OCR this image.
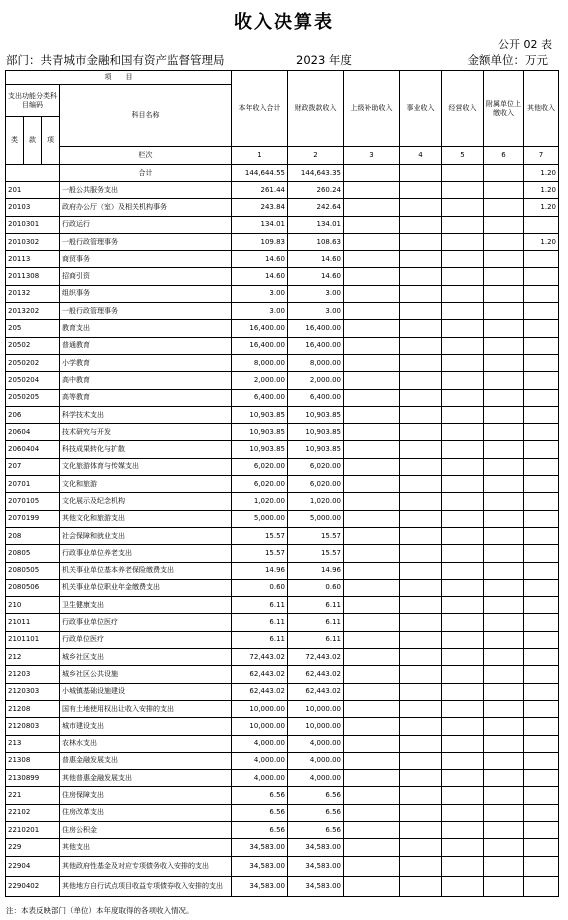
收入决算表
公开 02 表
部门：共青城市金融和国有资产监督管理局	2023 年度	金额单位：万元
项　　目				本年收入合计	财政拨款收入	上级补助收入	事业收入	经营收入	附属单位上缴收入	其他收入
支出功能分类科目编码			科目名称							
类	款	项								
			栏次	1	2	3	4	5	6	7
			合计	144,644.55	144,643.35					1.20
201			一般公共服务支出	261.44	260.24					1.20
20103			政府办公厅（室）及相关机构事务	243.84	242.64					1.20
2010301			行政运行	134.01	134.01					
2010302			一般行政管理事务	109.83	108.63					1.20
20113			商贸事务	14.60	14.60					
2011308			招商引资	14.60	14.60					
20132			组织事务	3.00	3.00					
2013202			一般行政管理事务	3.00	3.00					
205			教育支出	16,400.00	16,400.00					
20502			普通教育	16,400.00	16,400.00					
2050202			小学教育	8,000.00	8,000.00					
2050204			高中教育	2,000.00	2,000.00					
2050205			高等教育	6,400.00	6,400.00					
206			科学技术支出	10,903.85	10,903.85					
20604			技术研究与开发	10,903.85	10,903.85					
2060404			科技成果转化与扩散	10,903.85	10,903.85					
207			文化旅游体育与传媒支出	6,020.00	6,020.00					
20701			文化和旅游	6,020.00	6,020.00					
2070105			文化展示及纪念机构	1,020.00	1,020.00					
2070199			其他文化和旅游支出	5,000.00	5,000.00					
208			社会保障和就业支出	15.57	15.57					
20805			行政事业单位养老支出	15.57	15.57					
2080505			机关事业单位基本养老保险缴费支出	14.96	14.96					
2080506			机关事业单位职业年金缴费支出	0.60	0.60					
210			卫生健康支出	6.11	6.11					
21011			行政事业单位医疗	6.11	6.11					
2101101			行政单位医疗	6.11	6.11					
212			城乡社区支出	72,443.02	72,443.02					
21203			城乡社区公共设施	62,443.02	62,443.02					
2120303			小城镇基础设施建设	62,443.02	62,443.02					
21208			国有土地使用权出让收入安排的支出	10,000.00	10,000.00					
2120803			城市建设支出	10,000.00	10,000.00					
213			农林水支出	4,000.00	4,000.00					
21308			普惠金融发展支出	4,000.00	4,000.00					
2130899			其他普惠金融发展支出	4,000.00	4,000.00					
221			住房保障支出	6.56	6.56					
22102			住房改革支出	6.56	6.56					
2210201			住房公积金	6.56	6.56					
229			其他支出	34,583.00	34,583.00					
22904			其他政府性基金及对应专项债务收入安排的支出	34,583.00	34,583.00					
2290402			其他地方自行试点项目收益专项债券收入安排的支出	34,583.00	34,583.00					
注：本表反映部门（单位）本年度取得的各项收入情况。
